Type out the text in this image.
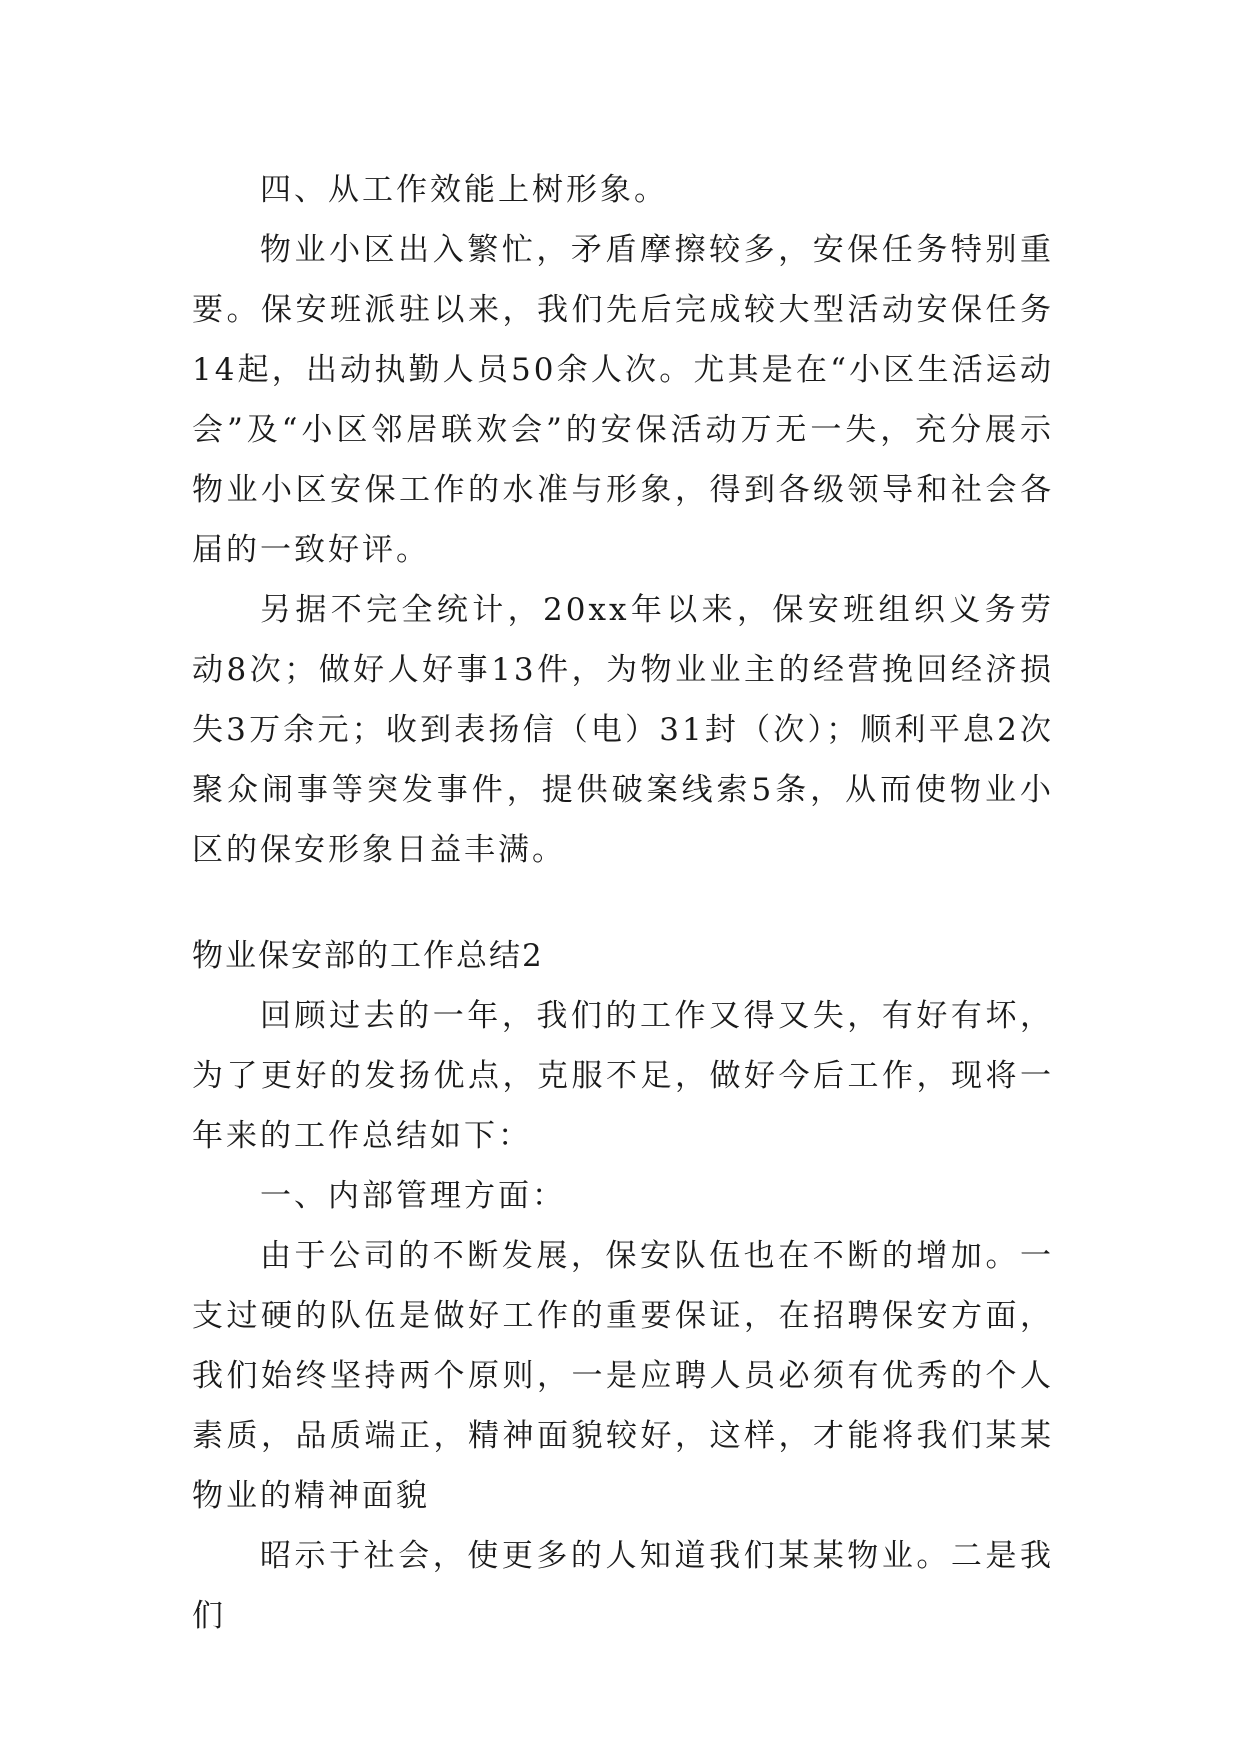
四、从工作效能上树形象。

物业小区出入繁忙，矛盾摩擦较多，安保任务特别重要。保安班派驻以来，我们先后完成较大型活动安保任务14起，出动执勤人员50余人次。尤其是在“小区生活运动会”及“小区邻居联欢会”的安保活动万无一失，充分展示物业小区安保工作的水准与形象，得到各级领导和社会各届的一致好评。

另据不完全统计，20xx年以来，保安班组织义务劳动8次；做好人好事13件，为物业业主的经营挽回经济损失3万余元；收到表扬信（电）31封（次）；顺利平息2次聚众闹事等突发事件，提供破案线索5条，从而使物业小区的保安形象日益丰满。

物业保安部的工作总结2

回顾过去的一年，我们的工作又得又失，有好有坏，为了更好的发扬优点，克服不足，做好今后工作，现将一年来的工作总结如下：

一、内部管理方面：

由于公司的不断发展，保安队伍也在不断的增加。一支过硬的队伍是做好工作的重要保证，在招聘保安方面，我们始终坚持两个原则，一是应聘人员必须有优秀的个人素质，品质端正，精神面貌较好，这样，才能将我们某某物业的精神面貌

昭示于社会，使更多的人知道我们某某物业。二是我们
